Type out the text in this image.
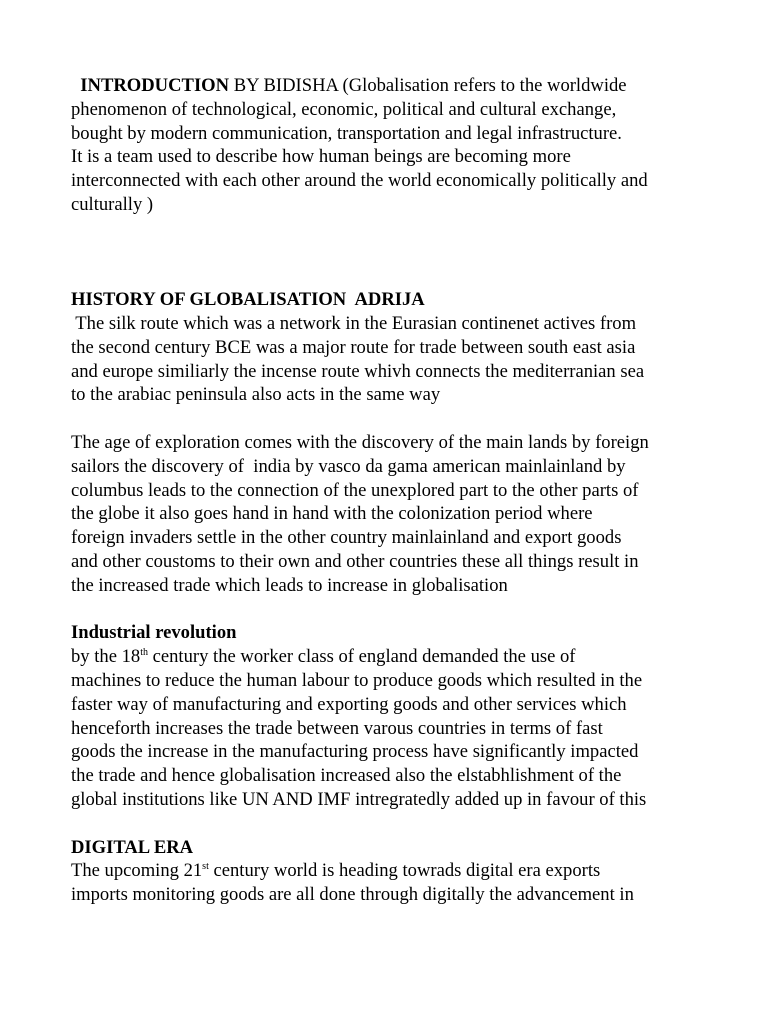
INTRODUCTION BY BIDISHA (Globalisation refers to the worldwide
phenomenon of technological, economic, political and cultural exchange,
bought by modern communication, transportation and legal infrastructure.
It is a team used to describe how human beings are becoming more
interconnected with each other around the world economically politically and
culturally )
HISTORY OF GLOBALISATION  ADRIJA
The silk route which was a network in the Eurasian continenet actives from
the second century BCE was a major route for trade between south east asia
and europe similiarly the incense route whivh connects the mediterranian sea
to the arabiac peninsula also acts in the same way
The age of exploration comes with the discovery of the main lands by foreign
sailors the discovery of  india by vasco da gama american mainlainland by
columbus leads to the connection of the unexplored part to the other parts of
the globe it also goes hand in hand with the colonization period where
foreign invaders settle in the other country mainlainland and export goods
and other coustoms to their own and other countries these all things result in
the increased trade which leads to increase in globalisation
Industrial revolution
by the 18th century the worker class of england demanded the use of
machines to reduce the human labour to produce goods which resulted in the
faster way of manufacturing and exporting goods and other services which
henceforth increases the trade between varous countries in terms of fast
goods the increase in the manufacturing process have significantly impacted
the trade and hence globalisation increased also the elstabhlishment of the
global institutions like UN AND IMF intregratedly added up in favour of this
DIGITAL ERA
The upcoming 21st century world is heading towrads digital era exports
imports monitoring goods are all done through digitally the advancement in
